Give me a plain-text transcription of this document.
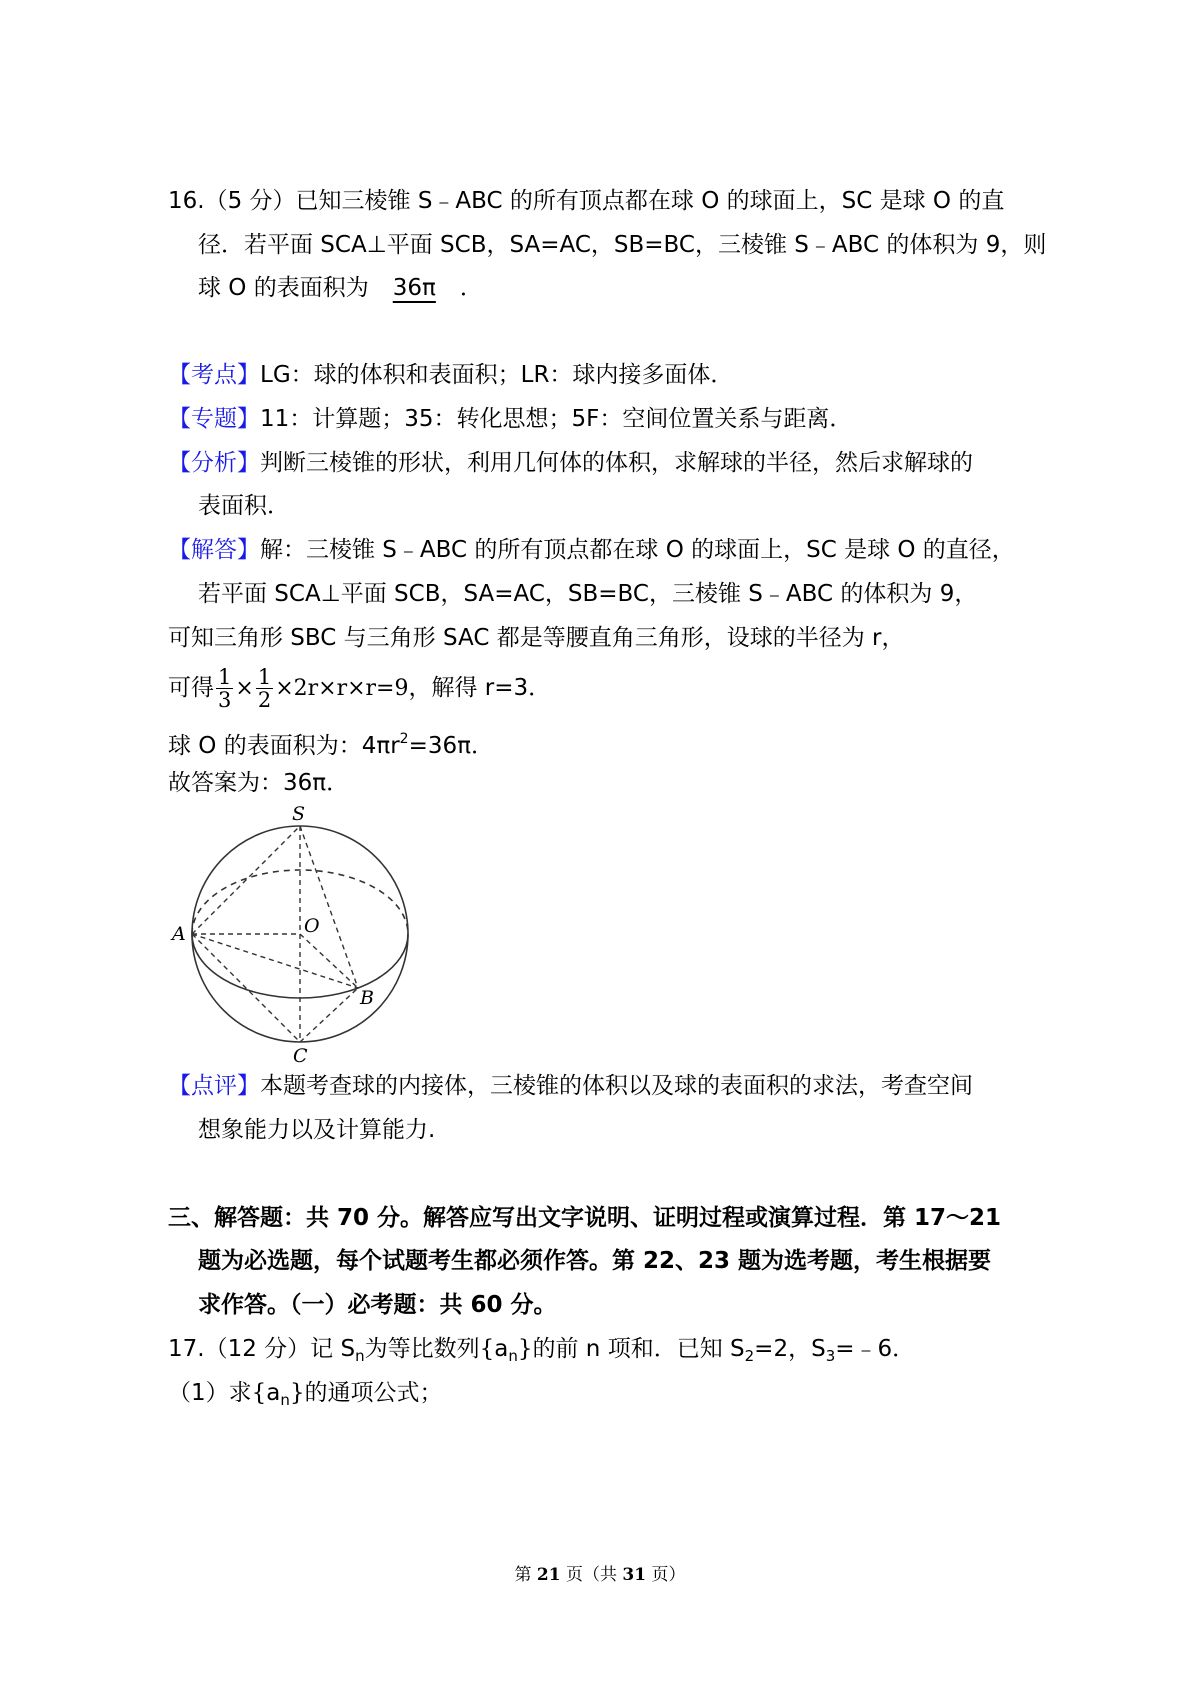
16.（5 分）已知三棱锥 S﹣ABC 的所有顶点都在球 O 的球面上，SC 是球 O 的直
径．若平面 SCA⊥平面 SCB，SA=AC，SB=BC，三棱锥 S﹣ABC 的体积为 9，则
球 O 的表面积为 36π ．
【考点】LG：球的体积和表面积；LR：球内接多面体．
【专题】11：计算题；35：转化思想；5F：空间位置关系与距离．
【分析】判断三棱锥的形状，利用几何体的体积，求解球的半径，然后求解球的
表面积．
【解答】解：三棱锥 S﹣ABC 的所有顶点都在球 O 的球面上，SC 是球 O 的直径，
若平面 SCA⊥平面 SCB，SA=AC，SB=BC，三棱锥 S﹣ABC 的体积为 9，
可知三角形 SBC 与三角形 SAC 都是等腰直角三角形，设球的半径为 r，
可得 $\frac{1}{3} \times \frac{1}{2} \times 2r\times r\times r=9$，解得 r=3．
球 O 的表面积为：$4\pi r^2=36\pi$．
故答案为：36π．
S
O
A
B
C
【点评】本题考查球的内接体，三棱锥的体积以及球的表面积的求法，考查空间
想象能力以及计算能力.
三、解答题：共 70 分。解答应写出文字说明、证明过程或演算过程．第 17～21
题为必选题，每个试题考生都必须作答。第 22、23 题为选考题，考生根据要
求作答。（一）必考题：共 60 分。
17.（12 分）记 $S_n$为等比数列$\{a_n\}$的前 n 项和．已知 $S_2=2$，$S_3=﹣6$．
（1）求$\{a_n\}$的通项公式；
第 21 页（共 31 页）
